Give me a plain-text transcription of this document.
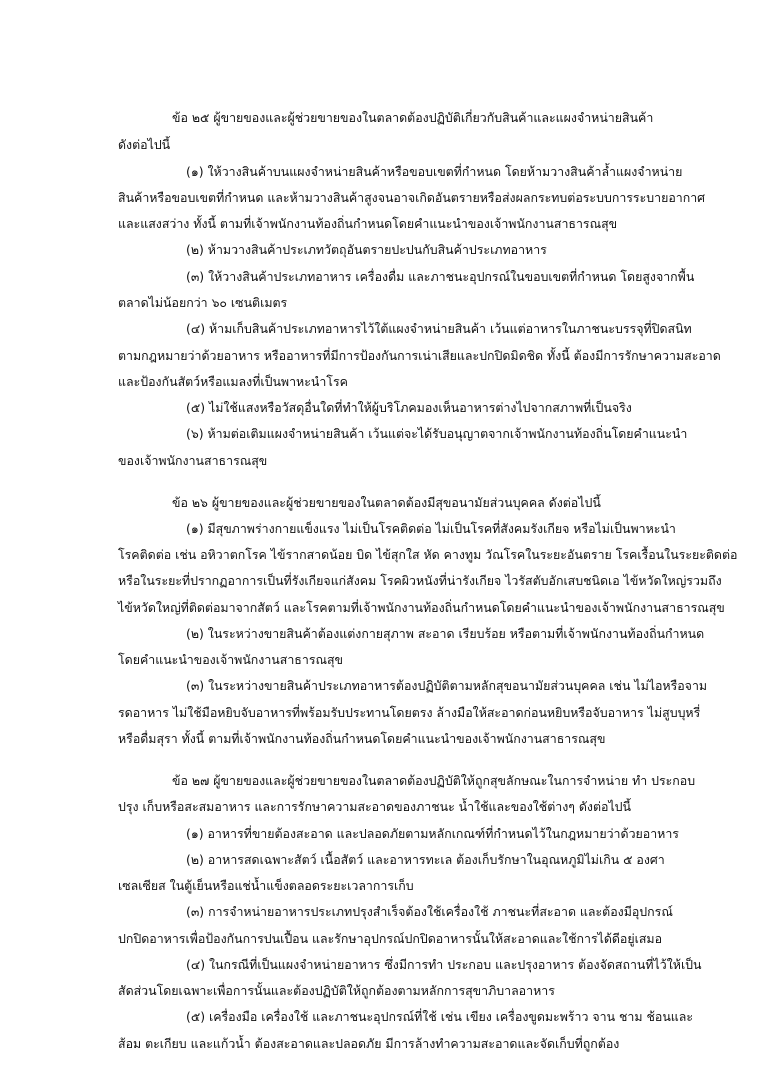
ข้อ ๒๕ ผู้ขายของและผู้ช่วยขายของในตลาดต้องปฏิบัติเกี่ยวกับสินค้าและแผงจำหน่ายสินค้า
ดังต่อไปนี้
(๑) ให้วางสินค้าบนแผงจำหน่ายสินค้าหรือขอบเขตที่กำหนด โดยห้ามวางสินค้าล้ำแผงจำหน่าย
สินค้าหรือขอบเขตที่กำหนด และห้ามวางสินค้าสูงจนอาจเกิดอันตรายหรือส่งผลกระทบต่อระบบการระบายอากาศ
และแสงสว่าง ทั้งนี้ ตามที่เจ้าพนักงานท้องถิ่นกำหนดโดยคำแนะนำของเจ้าพนักงานสาธารณสุข
(๒) ห้ามวางสินค้าประเภทวัตถุอันตรายปะปนกับสินค้าประเภทอาหาร
(๓) ให้วางสินค้าประเภทอาหาร เครื่องดื่ม และภาชนะอุปกรณ์ในขอบเขตที่กำหนด โดยสูงจากพื้น
ตลาดไม่น้อยกว่า ๖๐ เซนติเมตร
(๔) ห้ามเก็บสินค้าประเภทอาหารไว้ใต้แผงจำหน่ายสินค้า เว้นแต่อาหารในภาชนะบรรจุที่ปิดสนิท
ตามกฎหมายว่าด้วยอาหาร หรืออาหารที่มีการป้องกันการเน่าเสียและปกปิดมิดชิด ทั้งนี้ ต้องมีการรักษาความสะอาด
และป้องกันสัตว์หรือแมลงที่เป็นพาหะนำโรค
(๕) ไม่ใช้แสงหรือวัสดุอื่นใดที่ทำให้ผู้บริโภคมองเห็นอาหารต่างไปจากสภาพที่เป็นจริง
(๖) ห้ามต่อเติมแผงจำหน่ายสินค้า เว้นแต่จะได้รับอนุญาตจากเจ้าพนักงานท้องถิ่นโดยคำแนะนำ
ของเจ้าพนักงานสาธารณสุข
ข้อ ๒๖ ผู้ขายของและผู้ช่วยขายของในตลาดต้องมีสุขอนามัยส่วนบุคคล ดังต่อไปนี้
(๑) มีสุขภาพร่างกายแข็งแรง ไม่เป็นโรคติดต่อ ไม่เป็นโรคที่สังคมรังเกียจ หรือไม่เป็นพาหะนำ
โรคติดต่อ เช่น อหิวาตกโรค ไข้รากสาดน้อย บิด ไข้สุกใส หัด คางทูม วัณโรคในระยะอันตราย โรคเรื้อนในระยะติดต่อ
หรือในระยะที่ปรากฏอาการเป็นที่รังเกียจแก่สังคม โรคผิวหนังที่น่ารังเกียจ ไวรัสตับอักเสบชนิดเอ ไข้หวัดใหญ่รวมถึง
ไข้หวัดใหญ่ที่ติดต่อมาจากสัตว์ และโรคตามที่เจ้าพนักงานท้องถิ่นกำหนดโดยคำแนะนำของเจ้าพนักงานสาธารณสุข
(๒) ในระหว่างขายสินค้าต้องแต่งกายสุภาพ สะอาด เรียบร้อย หรือตามที่เจ้าพนักงานท้องถิ่นกำหนด
โดยคำแนะนำของเจ้าพนักงานสาธารณสุข
(๓) ในระหว่างขายสินค้าประเภทอาหารต้องปฏิบัติตามหลักสุขอนามัยส่วนบุคคล เช่น ไม่ไอหรือจาม
รดอาหาร ไม่ใช้มือหยิบจับอาหารที่พร้อมรับประทานโดยตรง ล้างมือให้สะอาดก่อนหยิบหรือจับอาหาร ไม่สูบบุหรี่
หรือดื่มสุรา ทั้งนี้ ตามที่เจ้าพนักงานท้องถิ่นกำหนดโดยคำแนะนำของเจ้าพนักงานสาธารณสุข
ข้อ ๒๗ ผู้ขายของและผู้ช่วยขายของในตลาดต้องปฏิบัติให้ถูกสุขลักษณะในการจำหน่าย ทำ ประกอบ
ปรุง เก็บหรือสะสมอาหาร และการรักษาความสะอาดของภาชนะ น้ำใช้และของใช้ต่างๆ ดังต่อไปนี้
(๑) อาหารที่ขายต้องสะอาด และปลอดภัยตามหลักเกณฑ์ที่กำหนดไว้ในกฎหมายว่าด้วยอาหาร
(๒) อาหารสดเฉพาะสัตว์ เนื้อสัตว์ และอาหารทะเล ต้องเก็บรักษาในอุณหภูมิไม่เกิน ๕ องศา
เซลเซียส ในตู้เย็นหรือแช่น้ำแข็งตลอดระยะเวลาการเก็บ
(๓) การจำหน่ายอาหารประเภทปรุงสำเร็จต้องใช้เครื่องใช้ ภาชนะที่สะอาด และต้องมีอุปกรณ์
ปกปิดอาหารเพื่อป้องกันการปนเปื้อน และรักษาอุปกรณ์ปกปิดอาหารนั้นให้สะอาดและใช้การได้ดีอยู่เสมอ
(๔) ในกรณีที่เป็นแผงจำหน่ายอาหาร ซึ่งมีการทำ ประกอบ และปรุงอาหาร ต้องจัดสถานที่ไว้ให้เป็น
สัดส่วนโดยเฉพาะเพื่อการนั้นและต้องปฏิบัติให้ถูกต้องตามหลักการสุขาภิบาลอาหาร
(๕) เครื่องมือ เครื่องใช้ และภาชนะอุปกรณ์ที่ใช้ เช่น เขียง เครื่องขูดมะพร้าว จาน ชาม ช้อนและ
ส้อม ตะเกียบ และแก้วน้ำ ต้องสะอาดและปลอดภัย มีการล้างทำความสะอาดและจัดเก็บที่ถูกต้อง
